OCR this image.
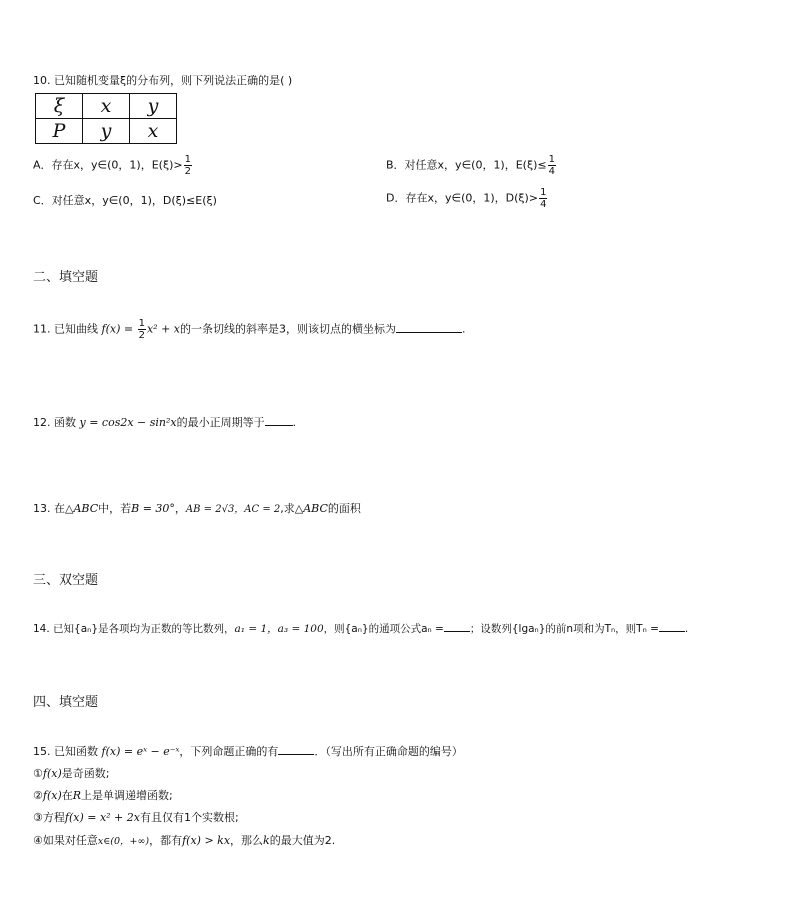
10. 已知随机变量ξ的分布列，则下列说法正确的是( )
ξ	x	y
P	y	x
A．存在x，y∈(0，1)，$E(\xi)> \frac{1}{2}$	B．对任意x，y∈(0，1)，$E(\xi)\le \frac{1}{4}$
C．对任意x，y∈(0，1)，D(ξ)≤E(ξ)	D．存在x，y∈(0，1)，$D(\xi)> \frac{1}{4}$
二、填空题
11. 已知曲线 $f(x) = \frac{1}{2} x^2 + x$的一条切线的斜率是3，则该切点的横坐标为	.
12. 函数 y = cos2x − sin²x的最小正周期等于	.
13. 在△ABC中，若B = 30°，AB = 2√3，AC = 2,求△ABC的面积
三、双空题
14. 已知{aₙ}是各项均为正数的等比数列，a₁ = 1，a₃ = 100，则{aₙ}的通项公式aₙ = ；设数列{lgaₙ}的前n项和为Tₙ，则Tₙ = .
四、填空题
15. 已知函数 f(x) = eˣ − e⁻ˣ，下列命题正确的有	．（写出所有正确命题的编号）
①f(x)是奇函数;
②f(x)在R上是单调递增函数;
③方程f(x) = x² + 2x有且仅有1个实数根;
④如果对任意x∈(0，+∞)，都有f(x) > kx，那么k的最大值为2.
